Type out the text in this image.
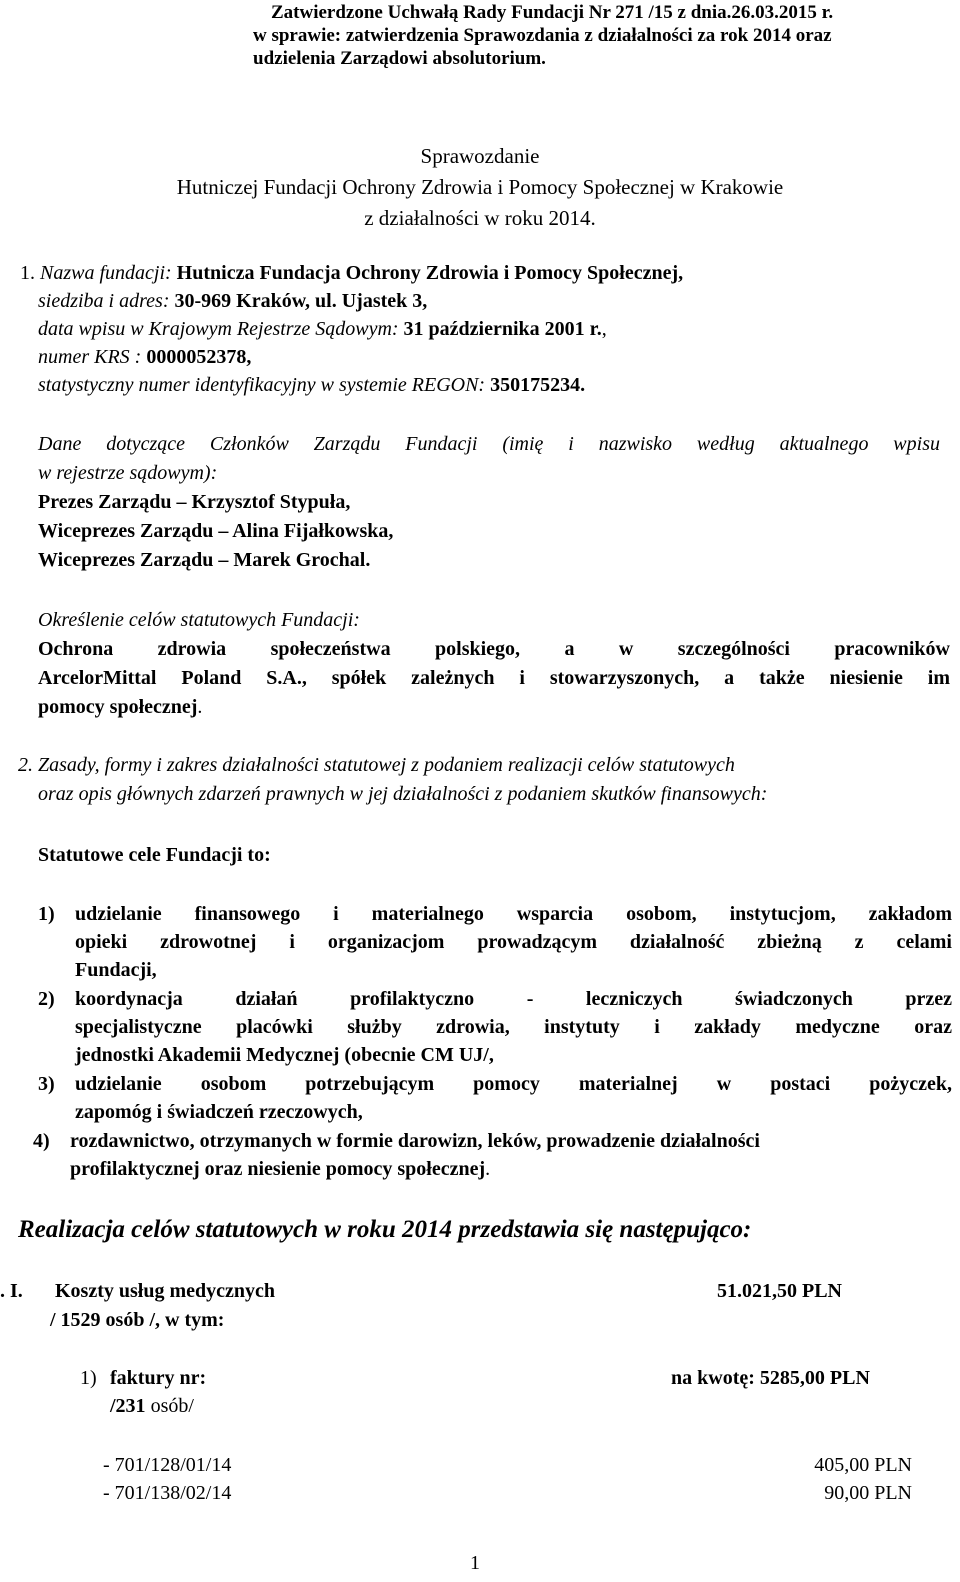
Zatwierdzone Uchwałą Rady Fundacji Nr 271 /15 z dnia.26.03.2015 r.
w sprawie: zatwierdzenia Sprawozdania z działalności za rok 2014 oraz
udzielenia Zarządowi absolutorium.
Sprawozdanie
Hutniczej Fundacji Ochrony Zdrowia i Pomocy Społecznej w Krakowie
z działalności w roku 2014.
1. Nazwa fundacji: Hutnicza Fundacja Ochrony Zdrowia i Pomocy Społecznej,
siedziba i adres: 30-969 Kraków, ul. Ujastek 3,
data wpisu w Krajowym Rejestrze Sądowym: 31 października 2001 r.,
numer KRS : 0000052378,
statystyczny numer identyfikacyjny w systemie REGON: 350175234.
Dane dotyczące Członków Zarządu Fundacji (imię i nazwisko według aktualnego wpisu
w rejestrze sądowym):
Prezes Zarządu – Krzysztof Stypuła,
Wiceprezes Zarządu – Alina Fijałkowska,
Wiceprezes Zarządu – Marek Grochal.
Określenie celów statutowych Fundacji:
Ochrona zdrowia społeczeństwa polskiego, a w szczególności pracowników
ArcelorMittal Poland S.A., spółek zależnych i stowarzyszonych, a także niesienie im
pomocy społecznej.
2. Zasady, formy i zakres działalności statutowej z podaniem realizacji celów statutowych
oraz opis głównych zdarzeń prawnych w jej działalności z podaniem skutków finansowych:
Statutowe cele Fundacji to:
1) udzielanie finansowego i materialnego wsparcia osobom, instytucjom, zakładom
opieki zdrowotnej i organizacjom prowadzącym działalność zbieżną z celami
Fundacji,
2) koordynacja działań profilaktyczno - leczniczych świadczonych przez
specjalistyczne placówki służby zdrowia, instytuty i zakłady medyczne oraz
jednostki Akademii Medycznej (obecnie CM UJ/,
3) udzielanie osobom potrzebującym pomocy materialnej w postaci pożyczek,
zapomóg i świadczeń rzeczowych,
4) rozdawnictwo, otrzymanych w formie darowizn, leków, prowadzenie działalności
profilaktycznej oraz niesienie pomocy społecznej.
Realizacja celów statutowych w roku 2014 przedstawia się następująco:
. I. Koszty usług medycznych	51.021,50 PLN
/ 1529 osób /, w tym:
1) faktury nr:	na kwotę: 5285,00 PLN
/231 osób/
- 701/128/01/14	405,00 PLN
- 701/138/02/14	90,00 PLN
1
